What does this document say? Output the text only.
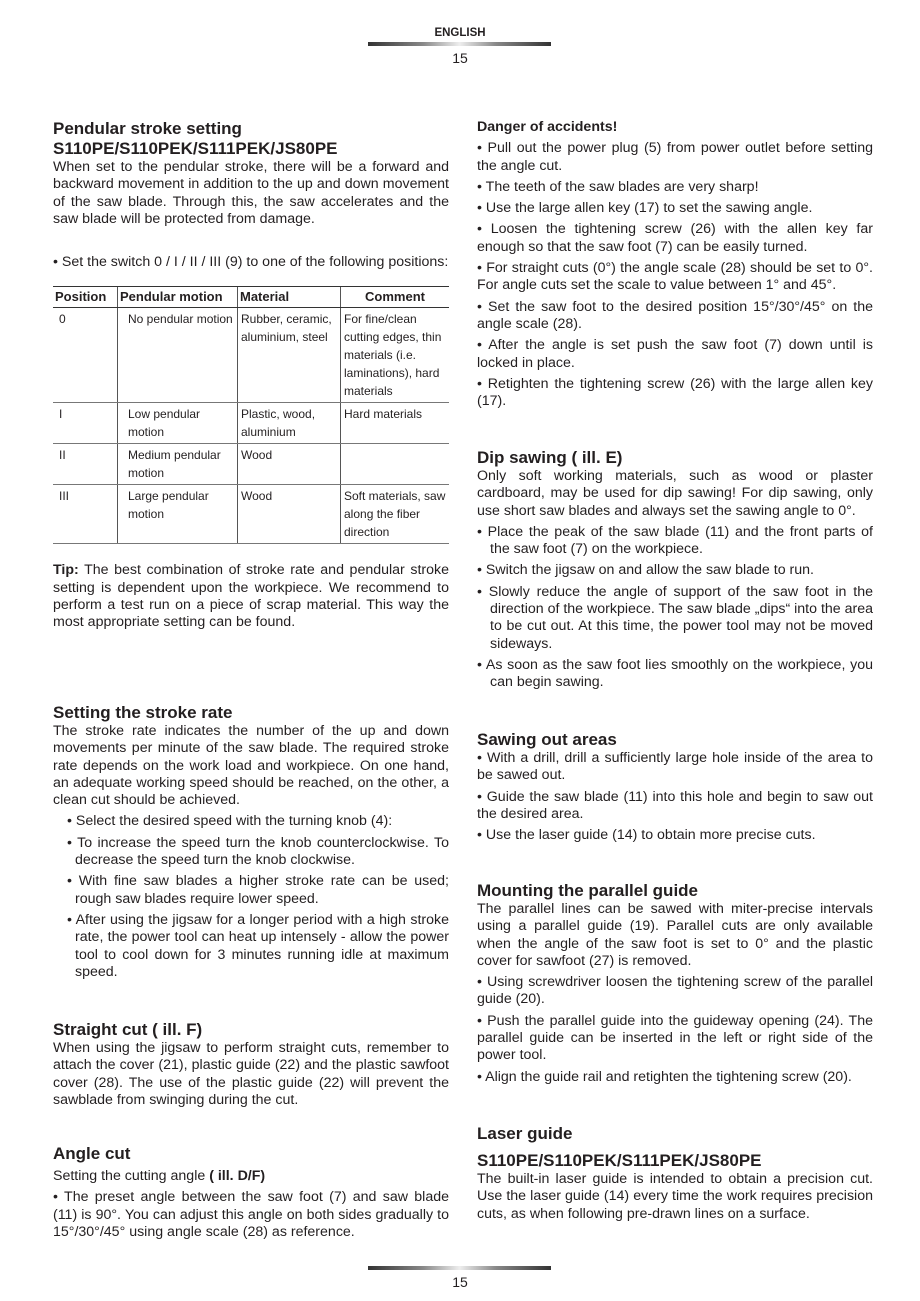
ENGLISH
15
Pendular stroke setting
S110PE/S110PEK/S111PEK/JS80PE

When set to the pendular stroke, there will be a forward and backward movement in addition to the up and down movement of the saw blade. Through this, the saw accelerates and the saw blade will be protected from damage.

• Set the switch 0 / I / II / III (9) to one of the following positions:

Position	Pendular motion	Material	Comment
0	No pendular motion	Rubber, ceramic, aluminium, steel	For fine/clean cutting edges, thin materials (i.e. laminations), hard materials
I	Low pendular motion	Plastic, wood, aluminium	Hard materials
II	Medium pendular motion	Wood	
III	Large pendular motion	Wood	Soft materials, saw along the fiber direction

Tip: The best combination of stroke rate and pendular stroke setting is dependent upon the workpiece. We recommend to perform a test run on a piece of scrap material. This way the most appropriate setting can be found.

Setting the stroke rate

The stroke rate indicates the number of the up and down movements per minute of the saw blade. The required stroke rate depends on the work load and workpiece. On one hand, an adequate working speed should be reached, on the other, a clean cut should be achieved.

• Select the desired speed with the turning knob (4):

• To increase the speed turn the knob counterclockwise. To decrease the speed turn the knob clockwise.

• With fine saw blades a higher stroke rate can be used; rough saw blades require lower speed.

• After using the jigsaw for a longer period with a high stroke rate, the power tool can heat up intensely - allow the power tool to cool down for 3 minutes running idle at maximum speed.

Straight cut ( ill. F)

When using the jigsaw to perform straight cuts, remember to attach the cover (21), plastic guide (22) and the plastic sawfoot cover (28). The use of the plastic guide (22) will prevent the sawblade from swinging during the cut.

Angle cut

Setting the cutting angle ( ill. D/F)

• The preset angle between the saw foot (7) and saw blade (11) is 90°. You can adjust this angle on both sides gradually to 15°/30°/45° using angle scale (28) as reference.

Danger of accidents!

• Pull out the power plug (5) from power outlet before setting the angle cut.

• The teeth of the saw blades are very sharp!

• Use the large allen key (17) to set the sawing angle.

• Loosen the tightening screw (26) with the allen key far enough so that the saw foot (7) can be easily turned.

• For straight cuts (0°) the angle scale (28) should be set to 0°. For angle cuts set the scale to value between 1° and 45°.

• Set the saw foot to the desired position 15°/30°/45° on the angle scale (28).

• After the angle is set push the saw foot (7) down until is locked in place.

• Retighten the tightening screw (26) with the large allen key (17).

Dip sawing ( ill. E)

Only soft working materials, such as wood or plaster cardboard, may be used for dip sawing! For dip sawing, only use short saw blades and always set the sawing angle to 0°.

• Place the peak of the saw blade (11) and the front parts of the saw foot (7) on the workpiece.

• Switch the jigsaw on and allow the saw blade to run.

• Slowly reduce the angle of support of the saw foot in the direction of the workpiece. The saw blade „dips“ into the area to be cut out. At this time, the power tool may not be moved sideways.

• As soon as the saw foot lies smoothly on the workpiece, you can begin sawing.

Sawing out areas

• With a drill, drill a sufficiently large hole inside of the area to be sawed out.

• Guide the saw blade (11) into this hole and begin to saw out the desired area.

• Use the laser guide (14) to obtain more precise cuts.

Mounting the parallel guide

The parallel lines can be sawed with miter-precise intervals using a parallel guide (19). Parallel cuts are only available when the angle of the saw foot is set to 0° and the plastic cover for sawfoot (27) is removed.

• Using screwdriver loosen the tightening screw of the parallel guide (20).

• Push the parallel guide into the guideway opening (24). The parallel guide can be inserted in the left or right side of the power tool.

• Align the guide rail and retighten the tightening screw (20).

Laser guide
S110PE/S110PEK/S111PEK/JS80PE

The built-in laser guide is intended to obtain a precision cut. Use the laser guide (14) every time the work requires precision cuts, as when following pre-drawn lines on a surface.

15
